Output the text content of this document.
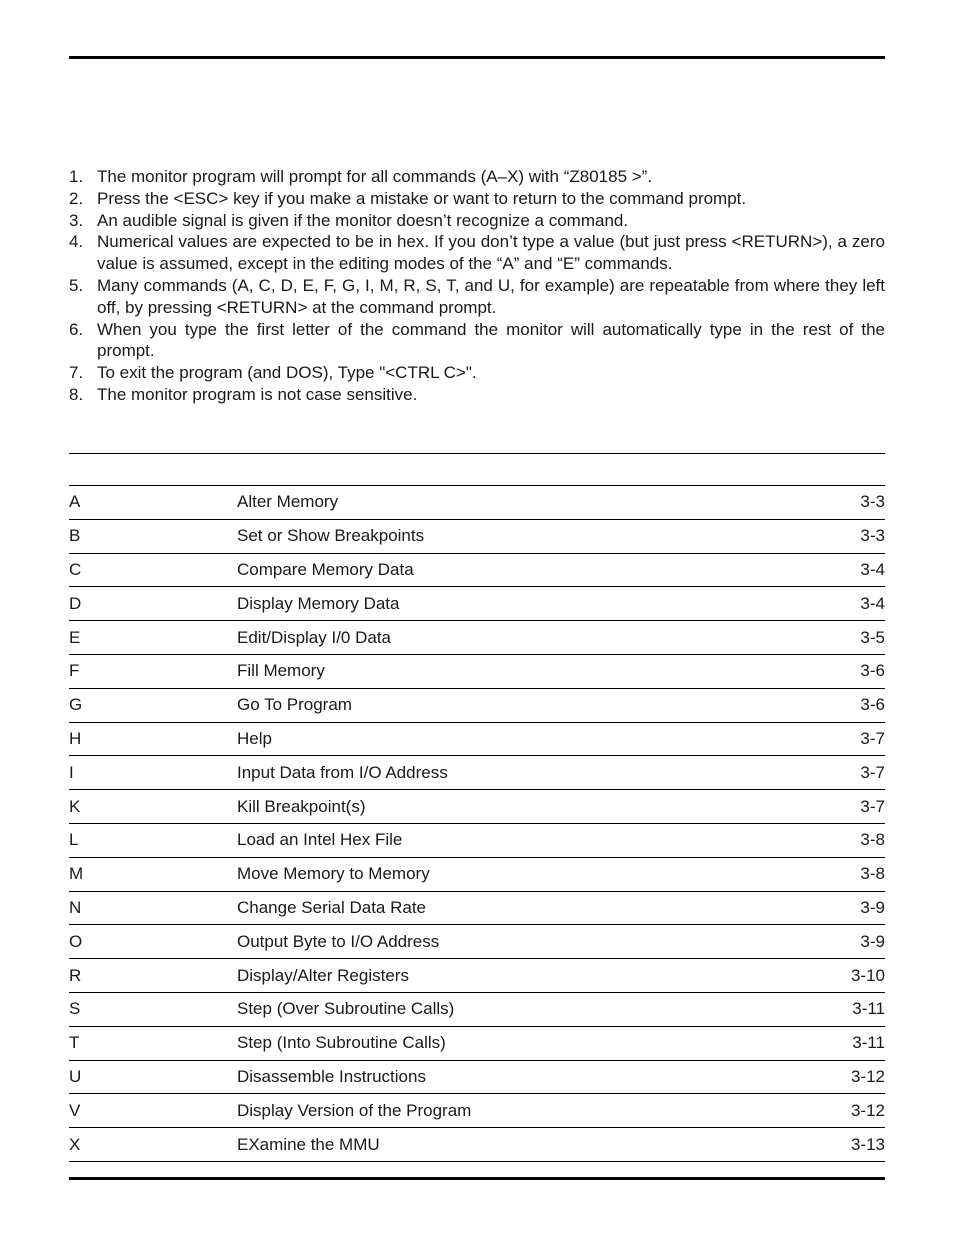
1. The monitor program will prompt for all commands (A–X) with “Z80185 >”.
2. Press the <ESC> key if you make a mistake or want to return to the command prompt.
3. An audible signal is given if the monitor doesn’t recognize a command.
4. Numerical values are expected to be in hex. If you don’t type a value (but just press <RETURN>), a zero value is assumed, except in the editing modes of the “A” and “E” commands.
5. Many commands (A, C, D, E, F, G, I, M, R, S, T, and U, for example) are repeatable from where they left off, by pressing <RETURN> at the command prompt.
6. When you type the first letter of the command the monitor will automatically type in the rest of the prompt.
7. To exit the program (and DOS), Type "<CTRL C>".
8. The monitor program is not case sensitive.
A	Alter Memory	3-3
B	Set or Show Breakpoints	3-3
C	Compare Memory Data	3-4
D	Display Memory Data	3-4
E	Edit/Display I/0 Data	3-5
F	Fill Memory	3-6
G	Go To Program	3-6
H	Help	3-7
I	Input Data from I/O Address	3-7
K	Kill Breakpoint(s)	3-7
L	Load an Intel Hex File	3-8
M	Move Memory to Memory	3-8
N	Change Serial Data Rate	3-9
O	Output Byte to I/O Address	3-9
R	Display/Alter Registers	3-10
S	Step (Over Subroutine Calls)	3-11
T	Step (Into Subroutine Calls)	3-11
U	Disassemble Instructions	3-12
V	Display Version of the Program	3-12
X	EXamine the MMU	3-13
